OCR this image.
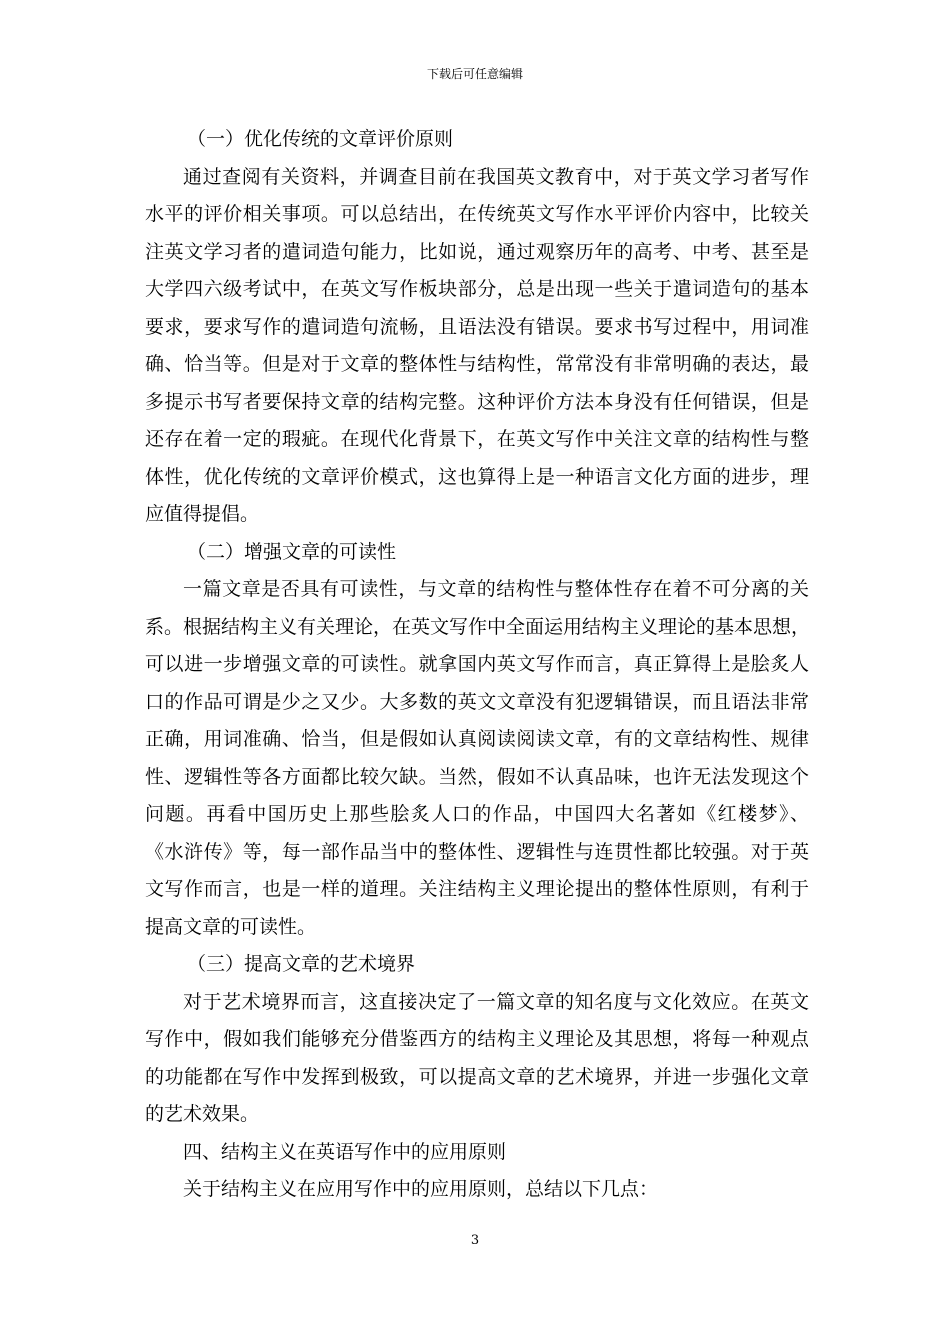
下载后可任意编辑
（一）优化传统的文章评价原则
通过查阅有关资料，并调查目前在我国英文教育中，对于英文学习者写作
水平的评价相关事项。可以总结出，在传统英文写作水平评价内容中，比较关
注英文学习者的遣词造句能力，比如说，通过观察历年的高考、中考、甚至是
大学四六级考试中，在英文写作板块部分，总是出现一些关于遣词造句的基本
要求，要求写作的遣词造句流畅，且语法没有错误。要求书写过程中，用词准
确、恰当等。但是对于文章的整体性与结构性，常常没有非常明确的表达，最
多提示书写者要保持文章的结构完整。这种评价方法本身没有任何错误，但是
还存在着一定的瑕疵。在现代化背景下，在英文写作中关注文章的结构性与整
体性，优化传统的文章评价模式，这也算得上是一种语言文化方面的进步，理
应值得提倡。
（二）增强文章的可读性
一篇文章是否具有可读性，与文章的结构性与整体性存在着不可分离的关
系。根据结构主义有关理论，在英文写作中全面运用结构主义理论的基本思想，
可以进一步增强文章的可读性。就拿国内英文写作而言，真正算得上是脍炙人
口的作品可谓是少之又少。大多数的英文文章没有犯逻辑错误，而且语法非常
正确，用词准确、恰当，但是假如认真阅读阅读文章，有的文章结构性、规律
性、逻辑性等各方面都比较欠缺。当然，假如不认真品味，也许无法发现这个
问题。再看中国历史上那些脍炙人口的作品，中国四大名著如《红楼梦》、
《水浒传》等，每一部作品当中的整体性、逻辑性与连贯性都比较强。对于英
文写作而言，也是一样的道理。关注结构主义理论提出的整体性原则，有利于
提高文章的可读性。
（三）提高文章的艺术境界
对于艺术境界而言，这直接决定了一篇文章的知名度与文化效应。在英文
写作中，假如我们能够充分借鉴西方的结构主义理论及其思想，将每一种观点
的功能都在写作中发挥到极致，可以提高文章的艺术境界，并进一步强化文章
的艺术效果。
四、结构主义在英语写作中的应用原则
关于结构主义在应用写作中的应用原则，总结以下几点：
3
